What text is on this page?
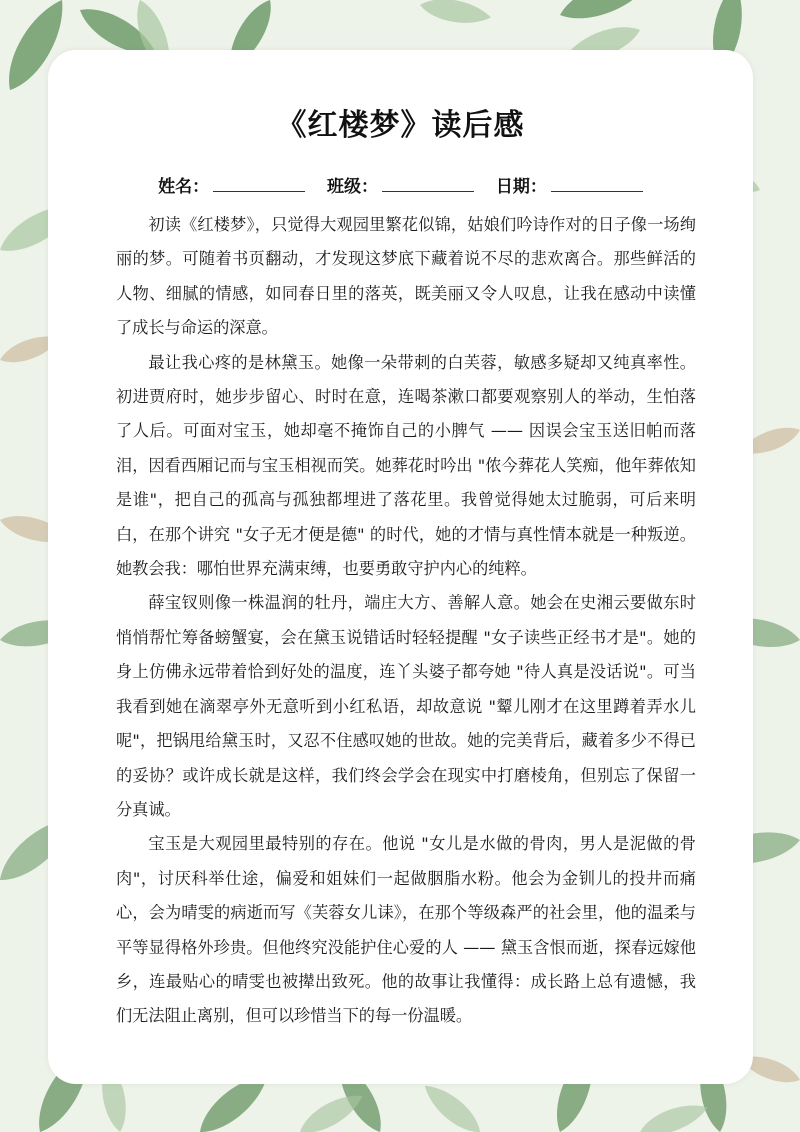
《红楼梦》读后感
姓名：	班级：	日期：

初读《红楼梦》，只觉得大观园里繁花似锦，姑娘们吟诗作对的日子像一场绚丽的梦。可随着书页翻动，才发现这梦底下藏着说不尽的悲欢离合。那些鲜活的人物、细腻的情感，如同春日里的落英，既美丽又令人叹息，让我在感动中读懂了成长与命运的深意。

最让我心疼的是林黛玉。她像一朵带刺的白芙蓉，敏感多疑却又纯真率性。初进贾府时，她步步留心、时时在意，连喝茶漱口都要观察别人的举动，生怕落了人后。可面对宝玉，她却毫不掩饰自己的小脾气 —— 因误会宝玉送旧帕而落泪，因看西厢记而与宝玉相视而笑。她葬花时吟出 "侬今葬花人笑痴，他年葬侬知是谁"，把自己的孤高与孤独都埋进了落花里。我曾觉得她太过脆弱，可后来明白，在那个讲究 "女子无才便是德" 的时代，她的才情与真性情本就是一种叛逆。她教会我：哪怕世界充满束缚，也要勇敢守护内心的纯粹。

薛宝钗则像一株温润的牡丹，端庄大方、善解人意。她会在史湘云要做东时悄悄帮忙筹备螃蟹宴，会在黛玉说错话时轻轻提醒 "女子读些正经书才是"。她的身上仿佛永远带着恰到好处的温度，连丫头婆子都夸她 "待人真是没话说"。可当我看到她在滴翠亭外无意听到小红私语，却故意说 "颦儿刚才在这里蹲着弄水儿呢"，把锅甩给黛玉时，又忍不住感叹她的世故。她的完美背后，藏着多少不得已的妥协？或许成长就是这样，我们终会学会在现实中打磨棱角，但别忘了保留一分真诚。

宝玉是大观园里最特别的存在。他说 "女儿是水做的骨肉，男人是泥做的骨肉"，讨厌科举仕途，偏爱和姐妹们一起做胭脂水粉。他会为金钏儿的投井而痛心，会为晴雯的病逝而写《芙蓉女儿诔》，在那个等级森严的社会里，他的温柔与平等显得格外珍贵。但他终究没能护住心爱的人 —— 黛玉含恨而逝，探春远嫁他乡，连最贴心的晴雯也被撵出致死。他的故事让我懂得：成长路上总有遗憾，我们无法阻止离别，但可以珍惜当下的每一份温暖。
